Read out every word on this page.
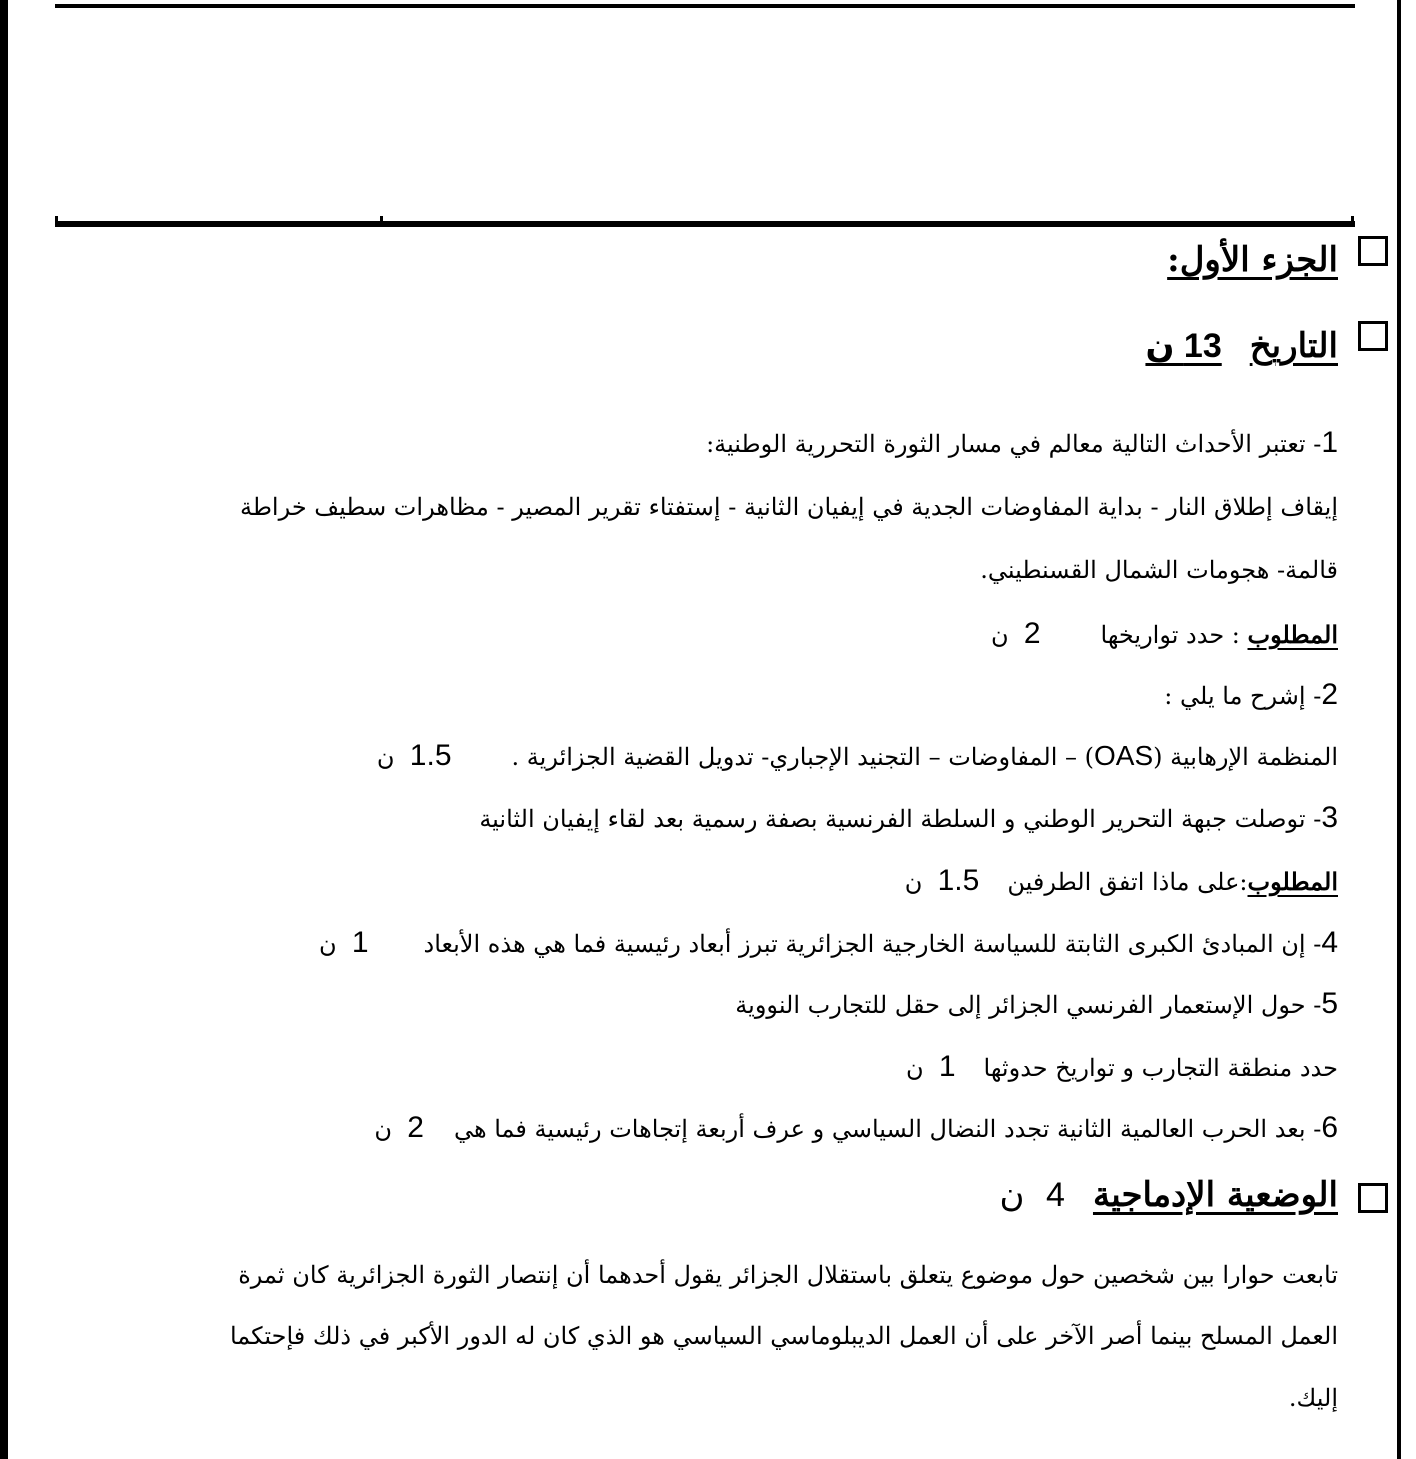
الجزء الأول:
التاريخ13 ن
1- تعتبر الأحداث التالية معالم في مسار الثورة التحررية الوطنية:
إيقاف إطلاق النار - بداية المفاوضات الجدية في إيفيان الثانية - إستفتاء تقرير المصير - مظاهرات سطيف خراطة
قالمة- هجومات الشمال القسنطيني.
المطلوب : حدد تواريخها2  ن
2- إشرح ما يلي :
المنظمة الإرهابية (OAS) – المفاوضات – التجنيد الإجباري- تدويل القضية الجزائرية .1.5  ن
3- توصلت جبهة التحرير الوطني و السلطة الفرنسية بصفة رسمية بعد لقاء إيفيان الثانية
المطلوب:على ماذا اتفق الطرفين1.5  ن
4- إن المبادئ الكبرى الثابتة للسياسة الخارجية الجزائرية تبرز أبعاد رئيسية فما هي هذه الأبعاد1  ن
5- حول الإستعمار الفرنسي الجزائر إلى حقل للتجارب النووية
حدد منطقة التجارب و تواريخ حدوثها1  ن
6- بعد الحرب العالمية الثانية تجدد النضال السياسي و عرف أربعة إتجاهات رئيسية فما هي2  ن
الوضعية الإدماجية4  ن
تابعت حوارا بين شخصين حول موضوع يتعلق باستقلال الجزائر يقول أحدهما أن إنتصار الثورة الجزائرية كان ثمرة
العمل المسلح بينما أصر الآخر على أن العمل الديبلوماسي السياسي هو الذي كان له الدور الأكبر في ذلك فإحتكما
إليك.
